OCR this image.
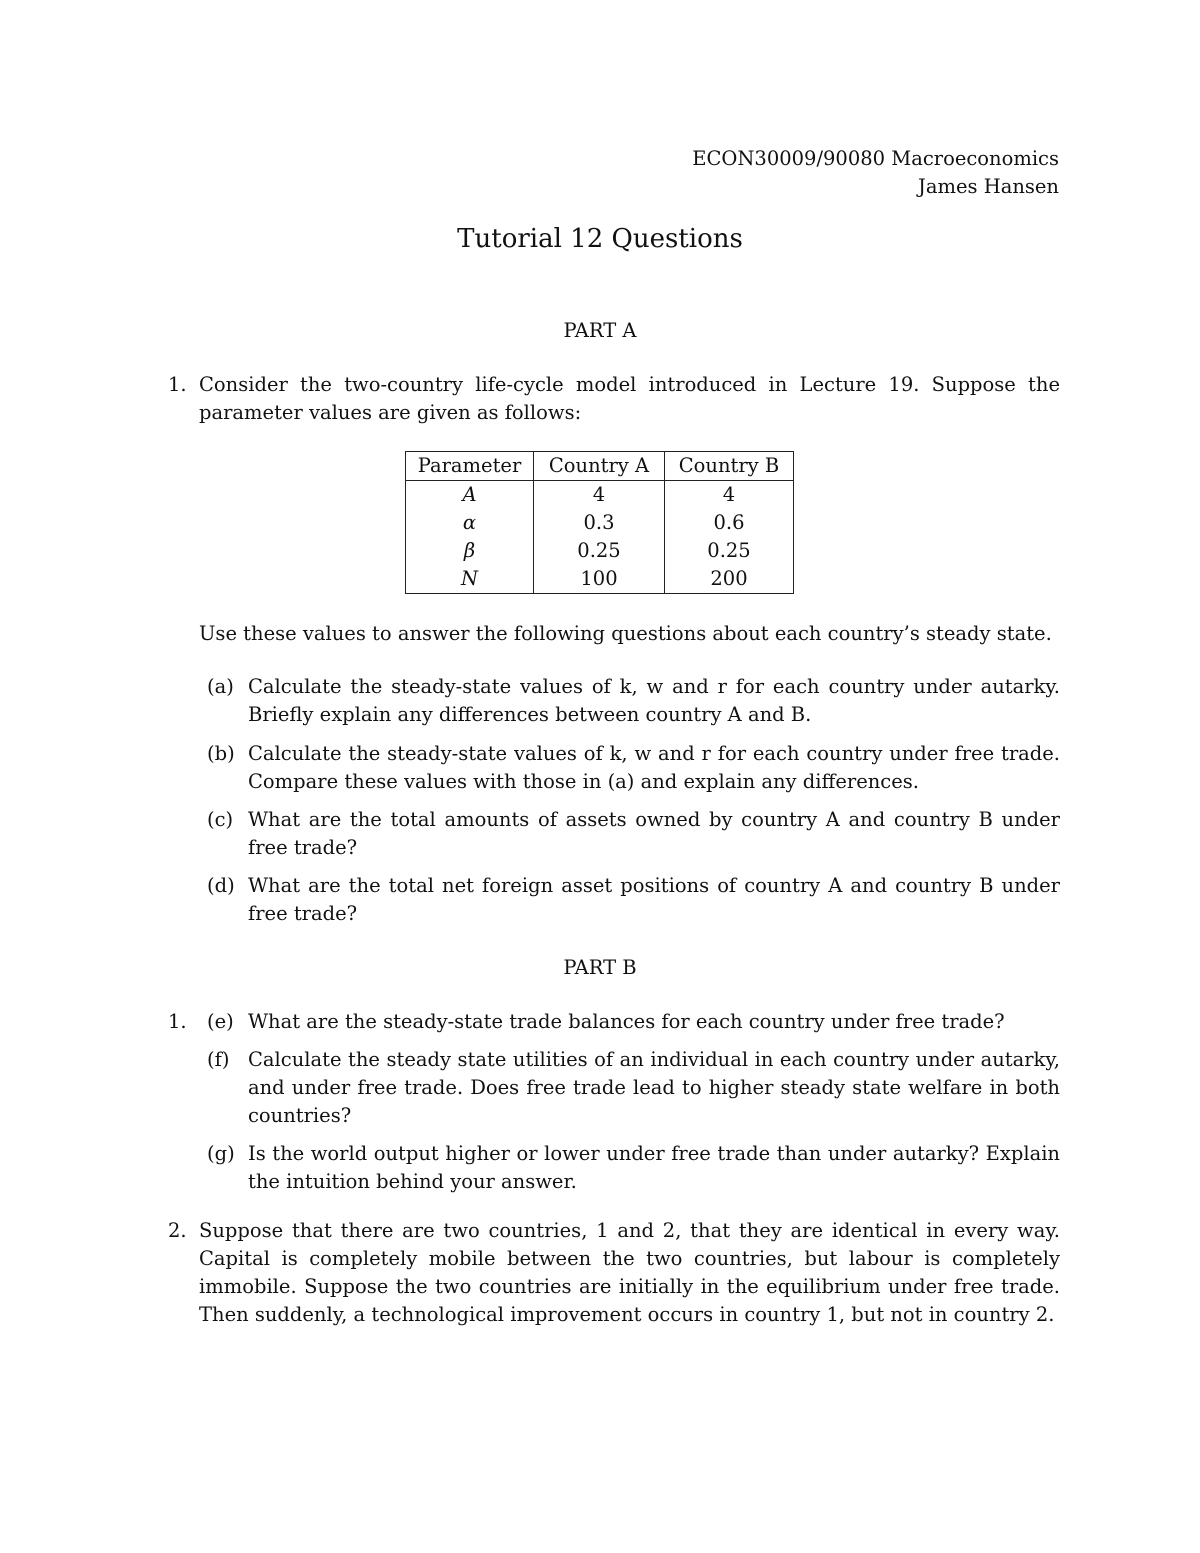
ECON30009/90080 Macroeconomics
James Hansen
Tutorial 12 Questions
PART A
1. Consider the two-country life-cycle model introduced in Lecture 19. Suppose the parameter values are given as follows:
Parameter	Country A	Country B
A	4	4
α	0.3	0.6
β	0.25	0.25
N	100	200
Use these values to answer the following questions about each country’s steady state.
(a) Calculate the steady-state values of k, w and r for each country under autarky. Briefly explain any differences between country A and B.
(b) Calculate the steady-state values of k, w and r for each country under free trade. Compare these values with those in (a) and explain any differences.
(c) What are the total amounts of assets owned by country A and country B under free trade?
(d) What are the total net foreign asset positions of country A and country B under free trade?
PART B
1. (e) What are the steady-state trade balances for each country under free trade?
(f) Calculate the steady state utilities of an individual in each country under autarky, and under free trade. Does free trade lead to higher steady state welfare in both countries?
(g) Is the world output higher or lower under free trade than under autarky? Explain the intuition behind your answer.
2. Suppose that there are two countries, 1 and 2, that they are identical in every way. Capital is completely mobile between the two countries, but labour is completely immobile. Suppose the two countries are initially in the equilibrium under free trade. Then suddenly, a technological improvement occurs in country 1, but not in country 2.
